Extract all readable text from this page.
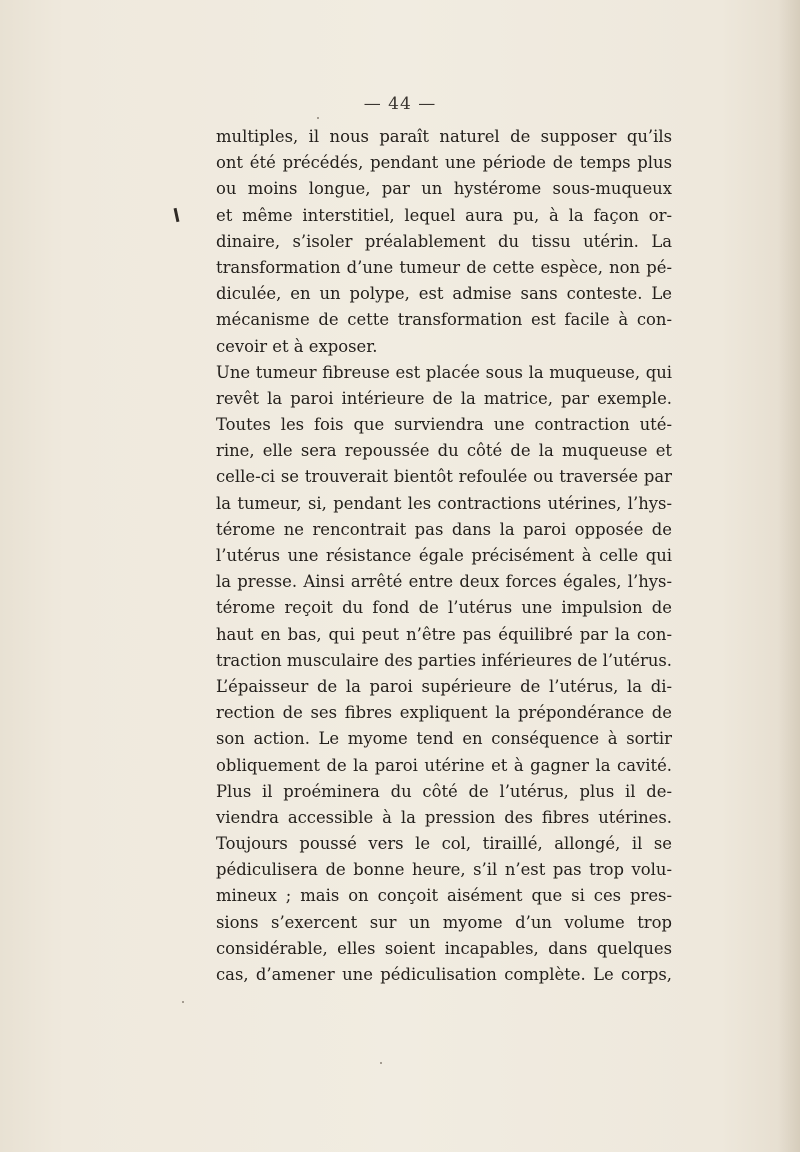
— 44 —
multiples, il nous paraît naturel de supposer qu’ils
ont été précédés, pendant une période de temps plus
ou moins longue, par un hystérome sous-muqueux
et même interstitiel, lequel aura pu, à la façon or-
dinaire, s’isoler préalablement du tissu utérin. La
transformation d’une tumeur de cette espèce, non pé-
diculée, en un polype, est admise sans conteste. Le
mécanisme de cette transformation est facile à con-
cevoir et à exposer.
Une tumeur fibreuse est placée sous la muqueuse, qui
revêt la paroi intérieure de la matrice, par exemple.
Toutes les fois que surviendra une contraction uté-
rine, elle sera repoussée du côté de la muqueuse et
celle-ci se trouverait bientôt refoulée ou traversée par
la tumeur, si, pendant les contractions utérines, l’hys-
térome ne rencontrait pas dans la paroi opposée de
l’utérus une résistance égale précisément à celle qui
la presse. Ainsi arrêté entre deux forces égales, l’hys-
térome reçoit du fond de l’utérus une impulsion de
haut en bas, qui peut n’être pas équilibré par la con-
traction musculaire des parties inférieures de l’utérus.
L’épaisseur de la paroi supérieure de l’utérus, la di-
rection de ses fibres expliquent la prépondérance de
son action. Le myome tend en conséquence à sortir
obliquement de la paroi utérine et à gagner la cavité.
Plus il proéminera du côté de l’utérus, plus il de-
viendra accessible à la pression des fibres utérines.
Toujours poussé vers le col, tiraillé, allongé, il se
pédiculisera de bonne heure, s’il n’est pas trop volu-
mineux ; mais on conçoit aisément que si ces pres-
sions s’exercent sur un myome d’un volume trop
considérable, elles soient incapables, dans quelques
cas, d’amener une pédiculisation complète. Le corps,
